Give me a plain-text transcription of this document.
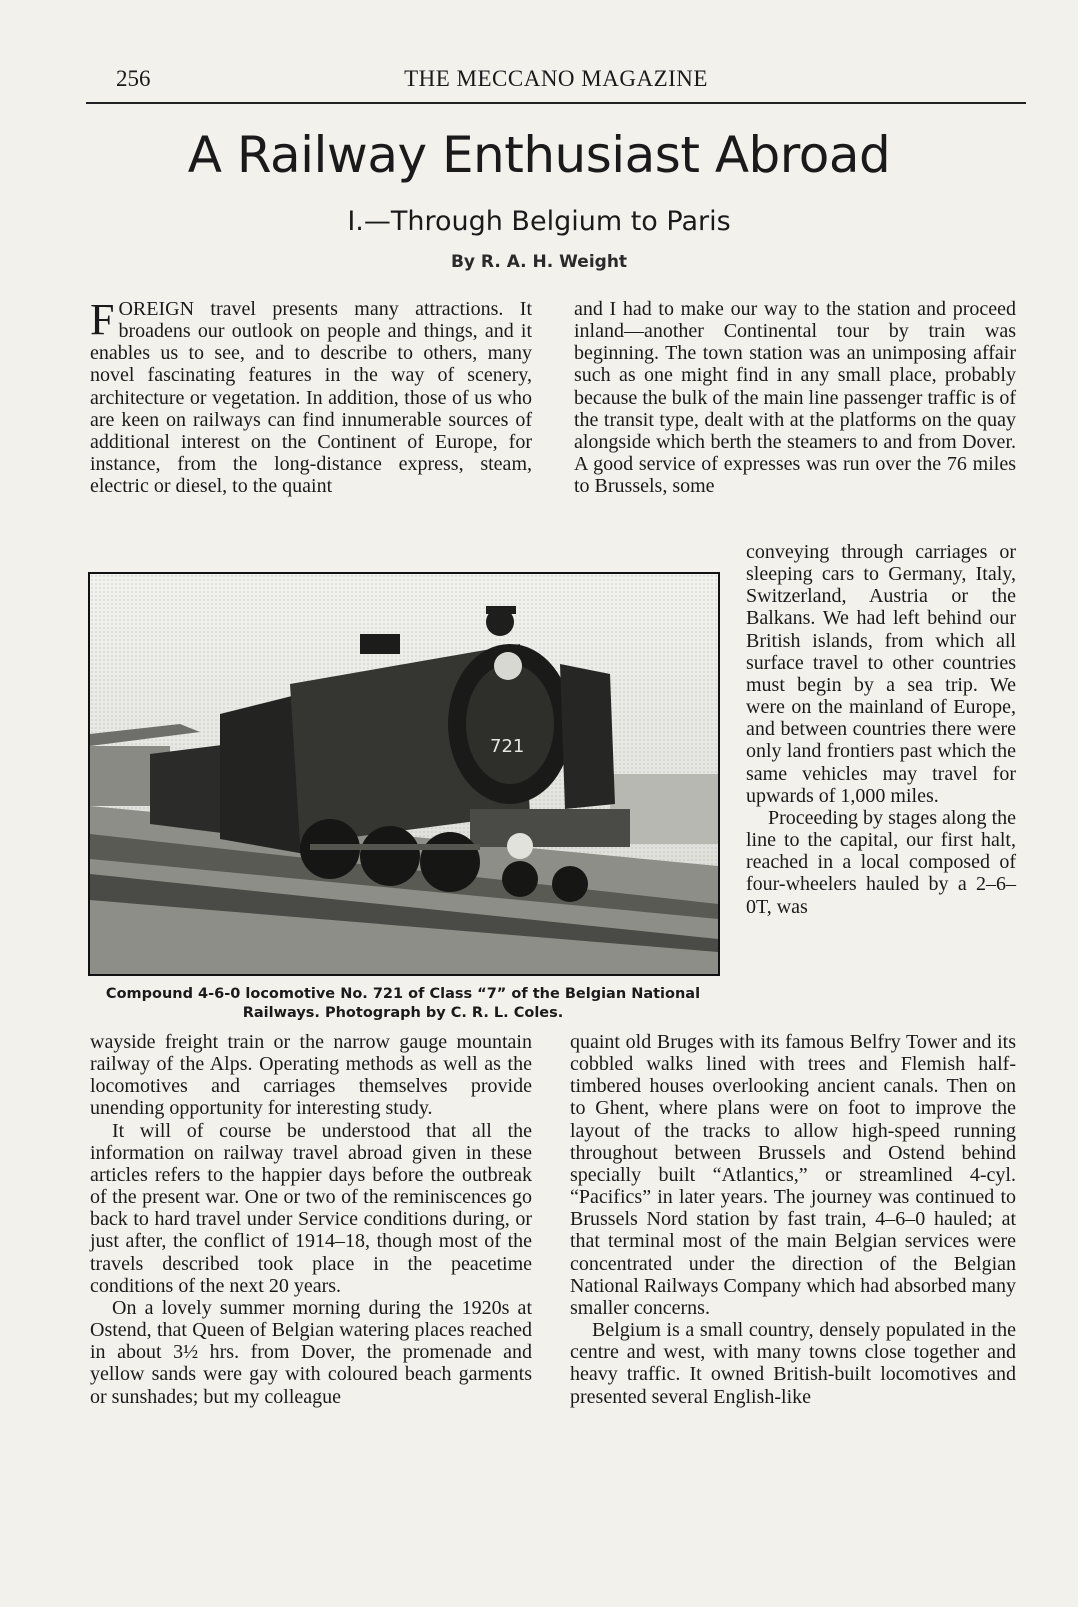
256	THE MECCANO MAGAZINE
A Railway Enthusiast Abroad
I.—Through Belgium to Paris
By R. A. H. Weight

FOREIGN travel presents many attractions. It broadens our outlook on people and things, and it enables us to see, and to describe to others, many novel fascinating features in the way of scenery, architecture or vegetation. In addition, those of us who are keen on railways can find innumerable sources of additional interest on the Continent of Europe, for instance, from the long-distance express, steam, electric or diesel, to the quaint

and I had to make our way to the station and proceed inland—another Continental tour by train was beginning. The town station was an unimposing affair such as one might find in any small place, probably because the bulk of the main line passenger traffic is of the transit type, dealt with at the platforms on the quay alongside which berth the steamers to and from Dover. A good service of expresses was run over the 76 miles to Brussels, some

721
Compound 4-6-0 locomotive No. 721 of Class “7” of the Belgian National Railways. Photograph by C. R. L. Coles.

conveying through carriages or sleeping cars to Germany, Italy, Switzerland, Austria or the Balkans. We had left behind our British islands, from which all surface travel to other countries must begin by a sea trip. We were on the mainland of Europe, and between countries there were only land frontiers past which the same vehicles may travel for upwards of 1,000 miles.

Proceeding by stages along the line to the capital, our first halt, reached in a local composed of four-wheelers hauled by a 2–6–0T, was

wayside freight train or the narrow gauge mountain railway of the Alps. Operating methods as well as the locomotives and carriages themselves provide unending opportunity for interesting study.

It will of course be understood that all the information on railway travel abroad given in these articles refers to the happier days before the outbreak of the present war. One or two of the reminiscences go back to hard travel under Service conditions during, or just after, the conflict of 1914–18, though most of the travels described took place in the peacetime conditions of the next 20 years.

On a lovely summer morning during the 1920s at Ostend, that Queen of Belgian watering places reached in about 3½ hrs. from Dover, the promenade and yellow sands were gay with coloured beach garments or sunshades; but my colleague

quaint old Bruges with its famous Belfry Tower and its cobbled walks lined with trees and Flemish half-timbered houses overlooking ancient canals. Then on to Ghent, where plans were on foot to improve the layout of the tracks to allow high-speed running throughout between Brussels and Ostend behind specially built “Atlantics,” or streamlined 4-cyl. “Pacifics” in later years. The journey was continued to Brussels Nord station by fast train, 4–6–0 hauled; at that terminal most of the main Belgian services were concentrated under the direction of the Belgian National Railways Company which had absorbed many smaller concerns.

Belgium is a small country, densely populated in the centre and west, with many towns close together and heavy traffic. It owned British-built locomotives and presented several English-like
